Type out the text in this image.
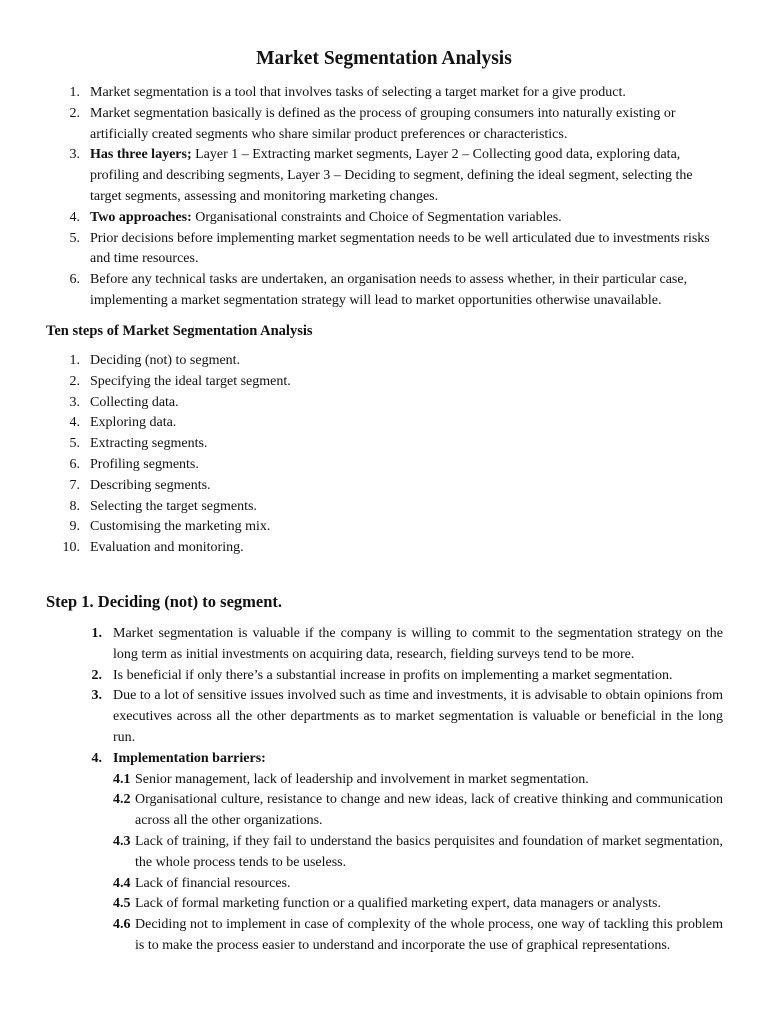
Market Segmentation Analysis
1. Market segmentation is a tool that involves tasks of selecting a target market for a give product.
2. Market segmentation basically is defined as the process of grouping consumers into naturally existing or artificially created segments who share similar product preferences or characteristics.
3. Has three layers; Layer 1 – Extracting market segments, Layer 2 – Collecting good data, exploring data, profiling and describing segments, Layer 3 – Deciding to segment, defining the ideal segment, selecting the target segments, assessing and monitoring marketing changes.
4. Two approaches: Organisational constraints and Choice of Segmentation variables.
5. Prior decisions before implementing market segmentation needs to be well articulated due to investments risks and time resources.
6. Before any technical tasks are undertaken, an organisation needs to assess whether, in their particular case, implementing a market segmentation strategy will lead to market opportunities otherwise unavailable.
Ten steps of Market Segmentation Analysis
1. Deciding (not) to segment.
2. Specifying the ideal target segment.
3. Collecting data.
4. Exploring data.
5. Extracting segments.
6. Profiling segments.
7. Describing segments.
8. Selecting the target segments.
9. Customising the marketing mix.
10. Evaluation and monitoring.
Step 1. Deciding (not) to segment.
1. Market segmentation is valuable if the company is willing to commit to the segmentation strategy on the long term as initial investments on acquiring data, research, fielding surveys tend to be more.
2. Is beneficial if only there’s a substantial increase in profits on implementing a market segmentation.
3. Due to a lot of sensitive issues involved such as time and investments, it is advisable to obtain opinions from executives across all the other departments as to market segmentation is valuable or beneficial in the long run.
4. Implementation barriers:
4.1 Senior management, lack of leadership and involvement in market segmentation.
4.2 Organisational culture, resistance to change and new ideas, lack of creative thinking and communication across all the other organizations.
4.3 Lack of training, if they fail to understand the basics perquisites and foundation of market segmentation, the whole process tends to be useless.
4.4 Lack of financial resources.
4.5 Lack of formal marketing function or a qualified marketing expert, data managers or analysts.
4.6 Deciding not to implement in case of complexity of the whole process, one way of tackling this problem is to make the process easier to understand and incorporate the use of graphical representations.
